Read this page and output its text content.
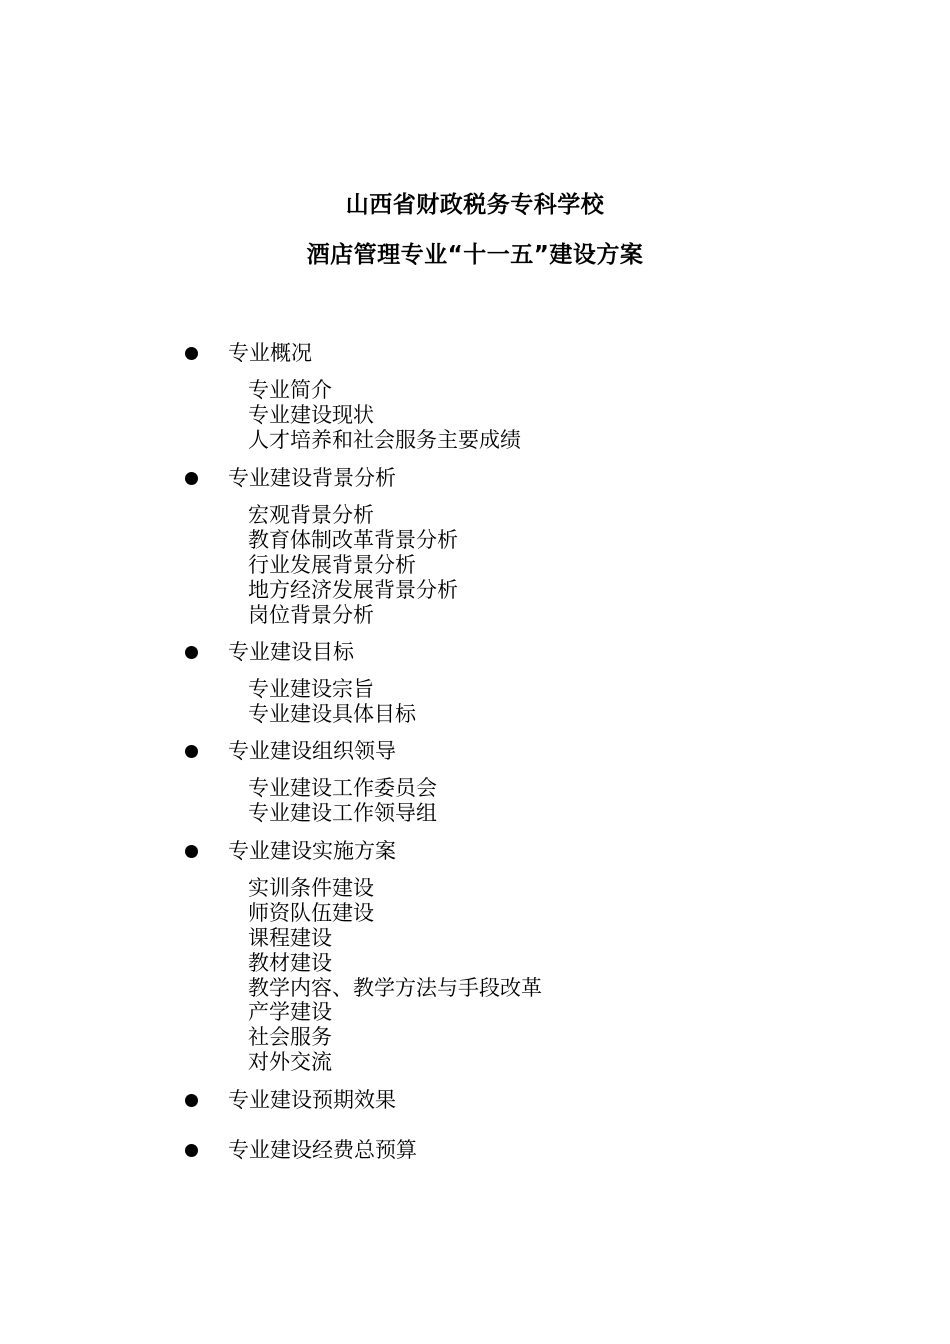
山西省财政税务专科学校
酒店管理专业“十一五”建设方案
专业概况
专业简介
专业建设现状
人才培养和社会服务主要成绩
专业建设背景分析
宏观背景分析
教育体制改革背景分析
行业发展背景分析
地方经济发展背景分析
岗位背景分析
专业建设目标
专业建设宗旨
专业建设具体目标
专业建设组织领导
专业建设工作委员会
专业建设工作领导组
专业建设实施方案
实训条件建设
师资队伍建设
课程建设
教材建设
教学内容、教学方法与手段改革
产学建设
社会服务
对外交流
专业建设预期效果
专业建设经费总预算
